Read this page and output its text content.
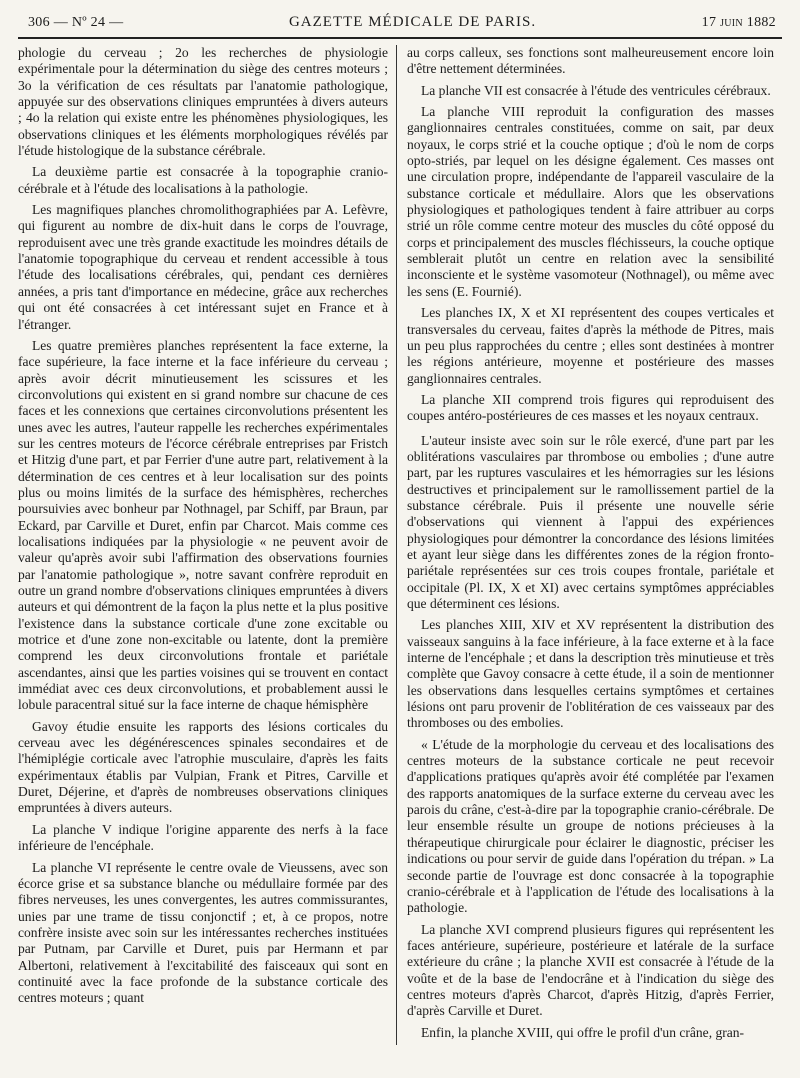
306 — Nº 24 —	GAZETTE MÉDICALE DE PARIS.	17 juin 1882

phologie du cerveau ; 2o les recherches de physiologie expérimentale pour la détermination du siège des centres moteurs ; 3o la vérification de ces résultats par l'anatomie pathologique, appuyée sur des observations cliniques empruntées à divers auteurs ; 4o la relation qui existe entre les phénomènes physiologiques, les observations cliniques et les éléments morphologiques révélés par l'étude histologique de la substance cérébrale.

La deuxième partie est consacrée à la topographie cranio-cérébrale et à l'étude des localisations à la pathologie.

Les magnifiques planches chromolithographiées par A. Lefèvre, qui figurent au nombre de dix-huit dans le corps de l'ouvrage, reproduisent avec une très grande exactitude les moindres détails de l'anatomie topographique du cerveau et rendent accessible à tous l'étude des localisations cérébrales, qui, pendant ces dernières années, a pris tant d'importance en médecine, grâce aux recherches qui ont été consacrées à cet intéressant sujet en France et à l'étranger.

Les quatre premières planches représentent la face externe, la face supérieure, la face interne et la face inférieure du cerveau ; après avoir décrit minutieusement les scissures et les circonvolutions qui existent en si grand nombre sur chacune de ces faces et les connexions que certaines circonvolutions présentent les unes avec les autres, l'auteur rappelle les recherches expérimentales sur les centres moteurs de l'écorce cérébrale entreprises par Fristch et Hitzig d'une part, et par Ferrier d'une autre part, relativement à la détermination de ces centres et à leur localisation sur des points plus ou moins limités de la surface des hémisphères, recherches poursuivies avec bonheur par Nothnagel, par Schiff, par Braun, par Eckard, par Carville et Duret, enfin par Charcot. Mais comme ces localisations indiquées par la physiologie « ne peuvent avoir de valeur qu'après avoir subi l'affirmation des observations fournies par l'anatomie pathologique », notre savant confrère reproduit en outre un grand nombre d'observations cliniques empruntées à divers auteurs et qui démontrent de la façon la plus nette et la plus positive l'existence dans la substance corticale d'une zone excitable ou motrice et d'une zone non-excitable ou latente, dont la première comprend les deux circonvolutions frontale et pariétale ascendantes, ainsi que les parties voisines qui se trouvent en contact immédiat avec ces deux circonvolutions, et probablement aussi le lobule paracentral situé sur la face interne de chaque hémisphère

Gavoy étudie ensuite les rapports des lésions corticales du cerveau avec les dégénérescences spinales secondaires et de l'hémiplégie corticale avec l'atrophie musculaire, d'après les faits expérimentaux établis par Vulpian, Frank et Pitres, Carville et Duret, Déjerine, et d'après de nombreuses observations cliniques empruntées à divers auteurs.

La planche V indique l'origine apparente des nerfs à la face inférieure de l'encéphale.

La planche VI représente le centre ovale de Vieussens, avec son écorce grise et sa substance blanche ou médullaire formée par des fibres nerveuses, les unes convergentes, les autres commissurantes, unies par une trame de tissu conjonctif ; et, à ce propos, notre confrère insiste avec soin sur les intéressantes recherches instituées par Putnam, par Carville et Duret, puis par Hermann et par Albertoni, relativement à l'excitabilité des faisceaux qui sont en continuité avec la face profonde de la substance corticale des centres moteurs ; quant

au corps calleux, ses fonctions sont malheureusement encore loin d'être nettement déterminées.

La planche VII est consacrée à l'étude des ventricules cérébraux.

La planche VIII reproduit la configuration des masses ganglionnaires centrales constituées, comme on sait, par deux noyaux, le corps strié et la couche optique ; d'où le nom de corps opto-striés, par lequel on les désigne également. Ces masses ont une circulation propre, indépendante de l'appareil vasculaire de la substance corticale et médullaire. Alors que les observations physiologiques et pathologiques tendent à faire attribuer au corps strié un rôle comme centre moteur des muscles du côté opposé du corps et principalement des muscles fléchisseurs, la couche optique semblerait plutôt un centre en relation avec la sensibilité inconsciente et le système vasomoteur (Nothnagel), ou même avec les sens (E. Fournié).

Les planches IX, X et XI représentent des coupes verticales et transversales du cerveau, faites d'après la méthode de Pitres, mais un peu plus rapprochées du centre ; elles sont destinées à montrer les régions antérieure, moyenne et postérieure des masses ganglionnaires centrales.

La planche XII comprend trois figures qui reproduisent des coupes antéro-postérieures de ces masses et les noyaux centraux.

L'auteur insiste avec soin sur le rôle exercé, d'une part par les oblitérations vasculaires par thrombose ou embolies ; d'une autre part, par les ruptures vasculaires et les hémorragies sur les lésions destructives et principalement sur le ramollissement partiel de la substance cérébrale. Puis il présente une nouvelle série d'observations qui viennent à l'appui des expériences physiologiques pour démontrer la concordance des lésions limitées et ayant leur siège dans les différentes zones de la région fronto-pariétale représentées sur ces trois coupes frontale, pariétale et occipitale (Pl. IX, X et XI) avec certains symptômes appréciables que déterminent ces lésions.

Les planches XIII, XIV et XV représentent la distribution des vaisseaux sanguins à la face inférieure, à la face externe et à la face interne de l'encéphale ; et dans la description très minutieuse et très complète que Gavoy consacre à cette étude, il a soin de mentionner les observations dans lesquelles certains symptômes et certaines lésions ont paru provenir de l'oblitération de ces vaisseaux par des thromboses ou des embolies.

« L'étude de la morphologie du cerveau et des localisations des centres moteurs de la substance corticale ne peut recevoir d'applications pratiques qu'après avoir été complétée par l'examen des rapports anatomiques de la surface externe du cerveau avec les parois du crâne, c'est-à-dire par la topographie cranio-cérébrale. De leur ensemble résulte un groupe de notions précieuses à la thérapeutique chirurgicale pour éclairer le diagnostic, préciser les indications ou pour servir de guide dans l'opération du trépan. » La seconde partie de l'ouvrage est donc consacrée à la topographie cranio-cérébrale et à l'application de l'étude des localisations à la pathologie.

La planche XVI comprend plusieurs figures qui représentent les faces antérieure, supérieure, postérieure et latérale de la surface extérieure du crâne ; la planche XVII est consacrée à l'étude de la voûte et de la base de l'endocrâne et à l'indication du siège des centres moteurs d'après Charcot, d'après Hitzig, d'après Ferrier, d'après Carville et Duret.

Enfin, la planche XVIII, qui offre le profil d'un crâne, gran-
